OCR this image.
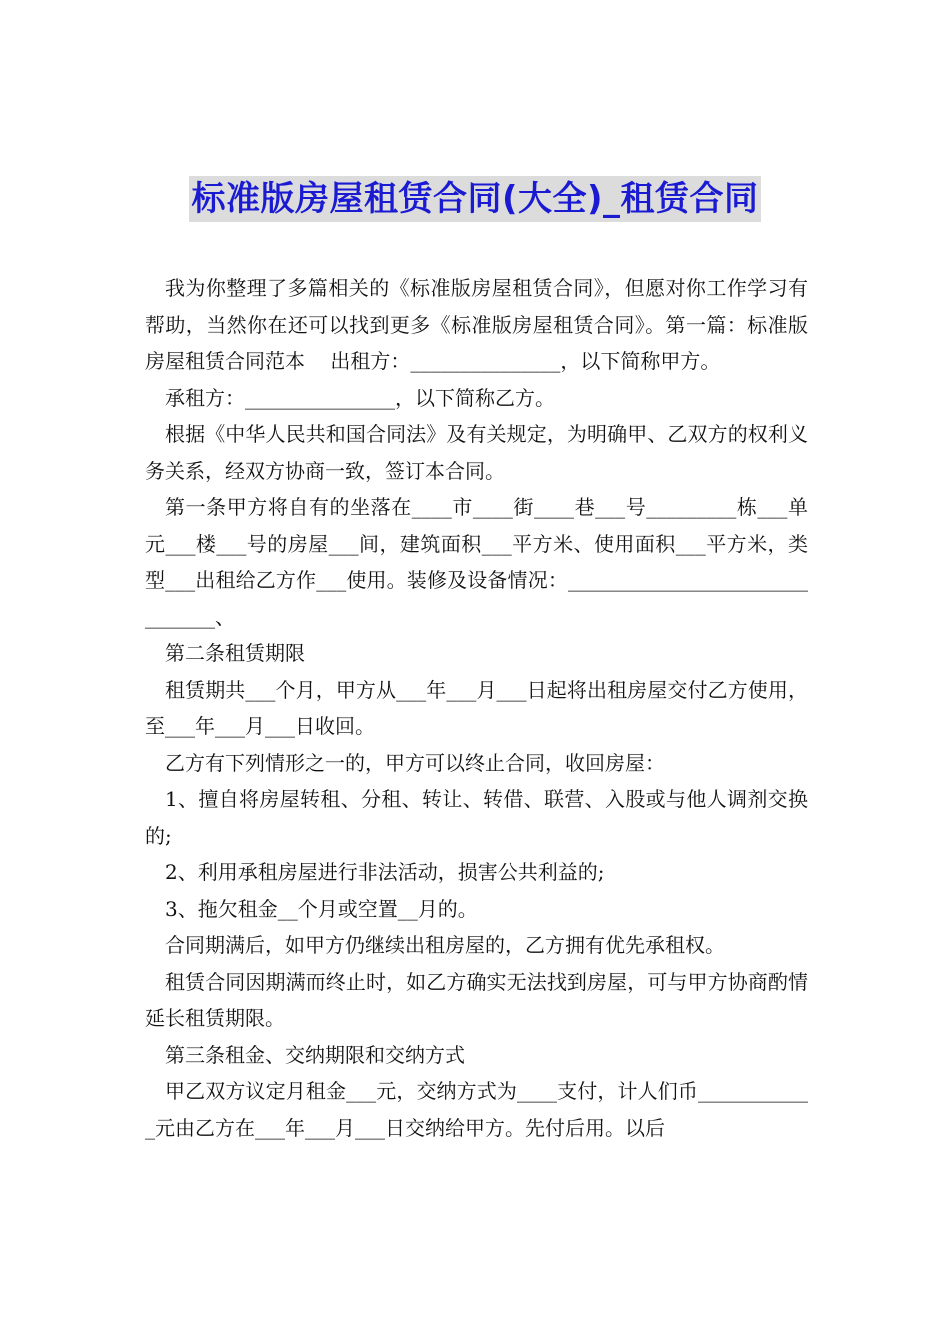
标准版房屋租赁合同(大全)_租赁合同

我为你整理了多篇相关的《标准版房屋租赁合同》，但愿对你工作学习有帮助，当然你在还可以找到更多《标准版房屋租赁合同》。第一篇：标准版房屋租赁合同范本    出租方：_______________，以下简称甲方。

承租方：_______________，以下简称乙方。

根据《中华人民共和国合同法》及有关规定，为明确甲、乙双方的权利义务关系，经双方协商一致，签订本合同。

第一条甲方将自有的坐落在____市____街____巷___号_________栋___单元___楼___号的房屋___间，建筑面积___平方米、使用面积___平方米，类型___出租给乙方作___使用。装修及设备情况：_______________________________、

第二条租赁期限

租赁期共___个月，甲方从___年___月___日起将出租房屋交付乙方使用，至___年___月___日收回。

乙方有下列情形之一的，甲方可以终止合同，收回房屋：

1、擅自将房屋转租、分租、转让、转借、联营、入股或与他人调剂交换的;

2、利用承租房屋进行非法活动，损害公共利益的;

3、拖欠租金__个月或空置__月的。

合同期满后，如甲方仍继续出租房屋的，乙方拥有优先承租权。

租赁合同因期满而终止时，如乙方确实无法找到房屋，可与甲方协商酌情延长租赁期限。

第三条租金、交纳期限和交纳方式

甲乙双方议定月租金___元，交纳方式为____支付，计人们币____________元由乙方在___年___月___日交纳给甲方。先付后用。以后
